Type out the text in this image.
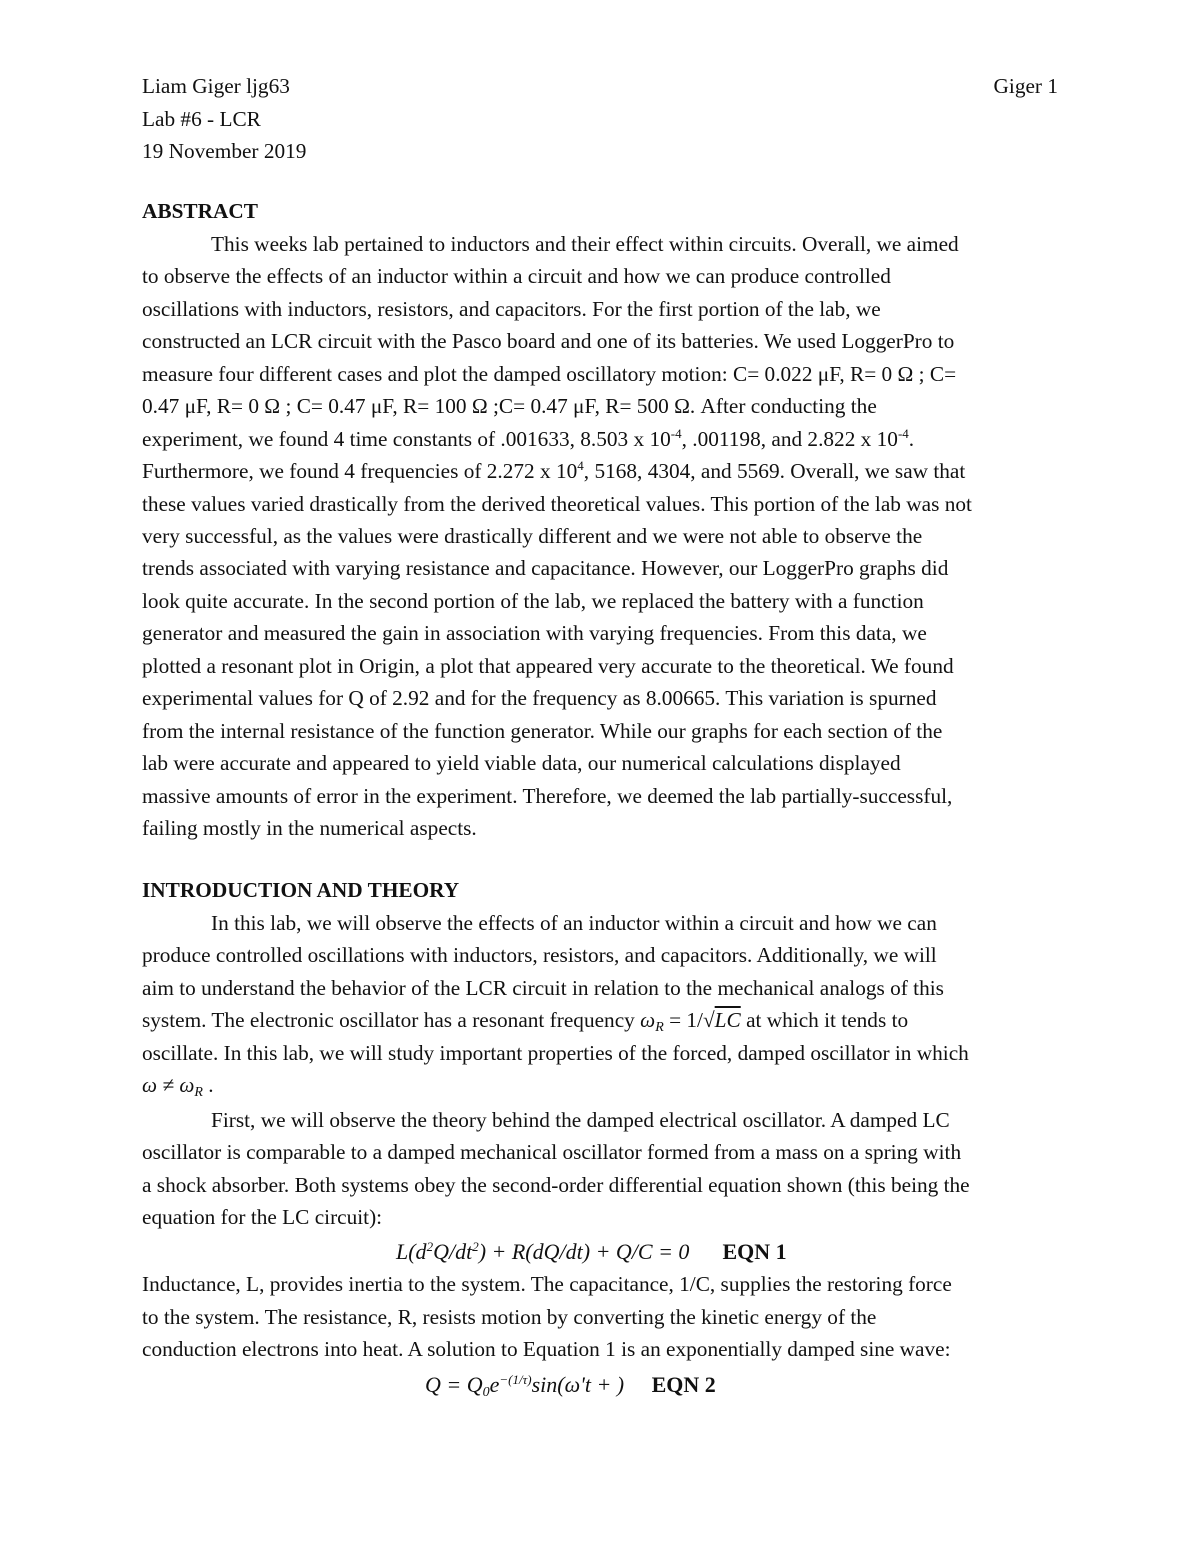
Liam Giger ljg63	Giger 1
Lab #6 - LCR
19 November 2019
ABSTRACT
This weeks lab pertained to inductors and their effect within circuits. Overall, we aimed
to observe the effects of an inductor within a circuit and how we can produce controlled
oscillations with inductors, resistors, and capacitors. For the first portion of the lab, we
constructed an LCR circuit with the Pasco board and one of its batteries. We used LoggerPro to
measure four different cases and plot the damped oscillatory motion: C= 0.022 μF, R= 0 Ω ; C=
0.47 μF, R= 0 Ω ; C= 0.47 μF, R= 100 Ω ;C= 0.47 μF, R= 500 Ω. After conducting the
experiment, we found 4 time constants of .001633, 8.503 x $10^{-4}$, .001198, and 2.822 x $10^{-4}$.
Furthermore, we found 4 frequencies of 2.272 x $10^4$, 5168, 4304, and 5569. Overall, we saw that
these values varied drastically from the derived theoretical values. This portion of the lab was not
very successful, as the values were drastically different and we were not able to observe the
trends associated with varying resistance and capacitance. However, our LoggerPro graphs did
look quite accurate. In the second portion of the lab, we replaced the battery with a function
generator and measured the gain in association with varying frequencies. From this data, we
plotted a resonant plot in Origin, a plot that appeared very accurate to the theoretical. We found
experimental values for Q of 2.92 and for the frequency as 8.00665. This variation is spurned
from the internal resistance of the function generator. While our graphs for each section of the
lab were accurate and appeared to yield viable data, our numerical calculations displayed
massive amounts of error in the experiment. Therefore, we deemed the lab partially-successful,
failing mostly in the numerical aspects.
INTRODUCTION AND THEORY
In this lab, we will observe the effects of an inductor within a circuit and how we can
produce controlled oscillations with inductors, resistors, and capacitors. Additionally, we will
aim to understand the behavior of the LCR circuit in relation to the mechanical analogs of this
system. The electronic oscillator has a resonant frequency $\omega_R = 1/√LC$ at which it tends to
oscillate. In this lab, we will study important properties of the forced, damped oscillator in which
$\omega \ne \omega_R$ .
First, we will observe the theory behind the damped electrical oscillator. A damped LC
oscillator is comparable to a damped mechanical oscillator formed from a mass on a spring with
a shock absorber. Both systems obey the second-order differential equation shown (this being the
equation for the LC circuit):
$L(d^2Q/dt^2) + R(dQ/dt) + Q/C = 0$ EQN 1
Inductance, L, provides inertia to the system. The capacitance, 1/C, supplies the restoring force
to the system. The resistance, R, resists motion by converting the kinetic energy of the
conduction electrons into heat. A solution to Equation 1 is an exponentially damped sine wave:
$Q = Q_0e^{-(1/\tau)}\sin(\omega't$ + ) EQN 2
